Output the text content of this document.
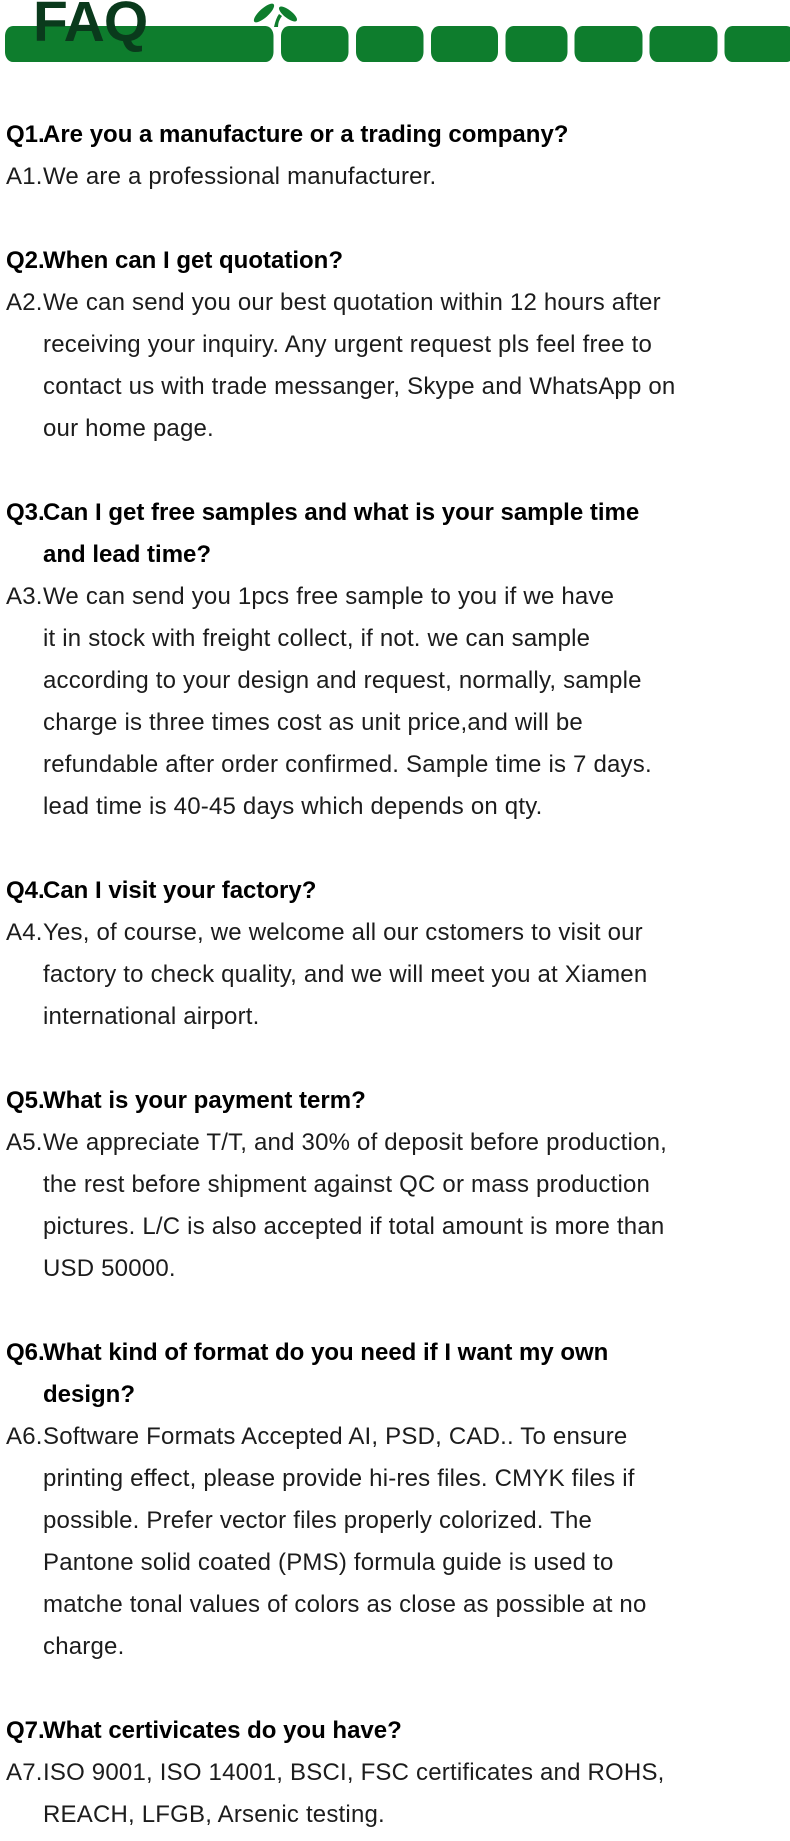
FAQ
Q1.
Are you a manufacture or a trading company?
A1. We are a professional manufacturer.
Q2.
When can I get quotation?
A2. We can send you our best quotation within 12 hours after
receiving your inquiry. Any urgent request pls feel free to
contact us with trade messanger, Skype and WhatsApp on
our home page.
Q3.
Can I get free samples and what is your sample time
and lead time?
A3. We can send you 1pcs free sample to you if we have
it in stock with freight collect, if not. we can sample
according to your design and request, normally, sample
charge is three times cost as unit price,and will be
refundable after order confirmed. Sample time is 7 days.
lead time is 40-45 days which depends on qty.
Q4.
Can I visit your factory?
A4. Yes, of course, we welcome all our cstomers to visit our
factory to check quality, and we will meet you at Xiamen
international airport.
Q5.
What is your payment term?
A5. We appreciate T/T, and 30% of deposit before production,
the rest before shipment against QC or mass production
pictures. L/C is also accepted if total amount is more than
USD 50000.
Q6.
What kind of format do you need if I want my own
design?
A6. Software Formats Accepted AI, PSD, CAD.. To ensure
printing effect, please provide hi-res files. CMYK files if
possible. Prefer vector files properly colorized. The
Pantone solid coated (PMS) formula guide is used to
matche tonal values of colors as close as possible at no
charge.
Q7.
What certivicates do you have?
A7. ISO 9001, ISO 14001, BSCI, FSC certificates and ROHS,
REACH, LFGB, Arsenic testing.
